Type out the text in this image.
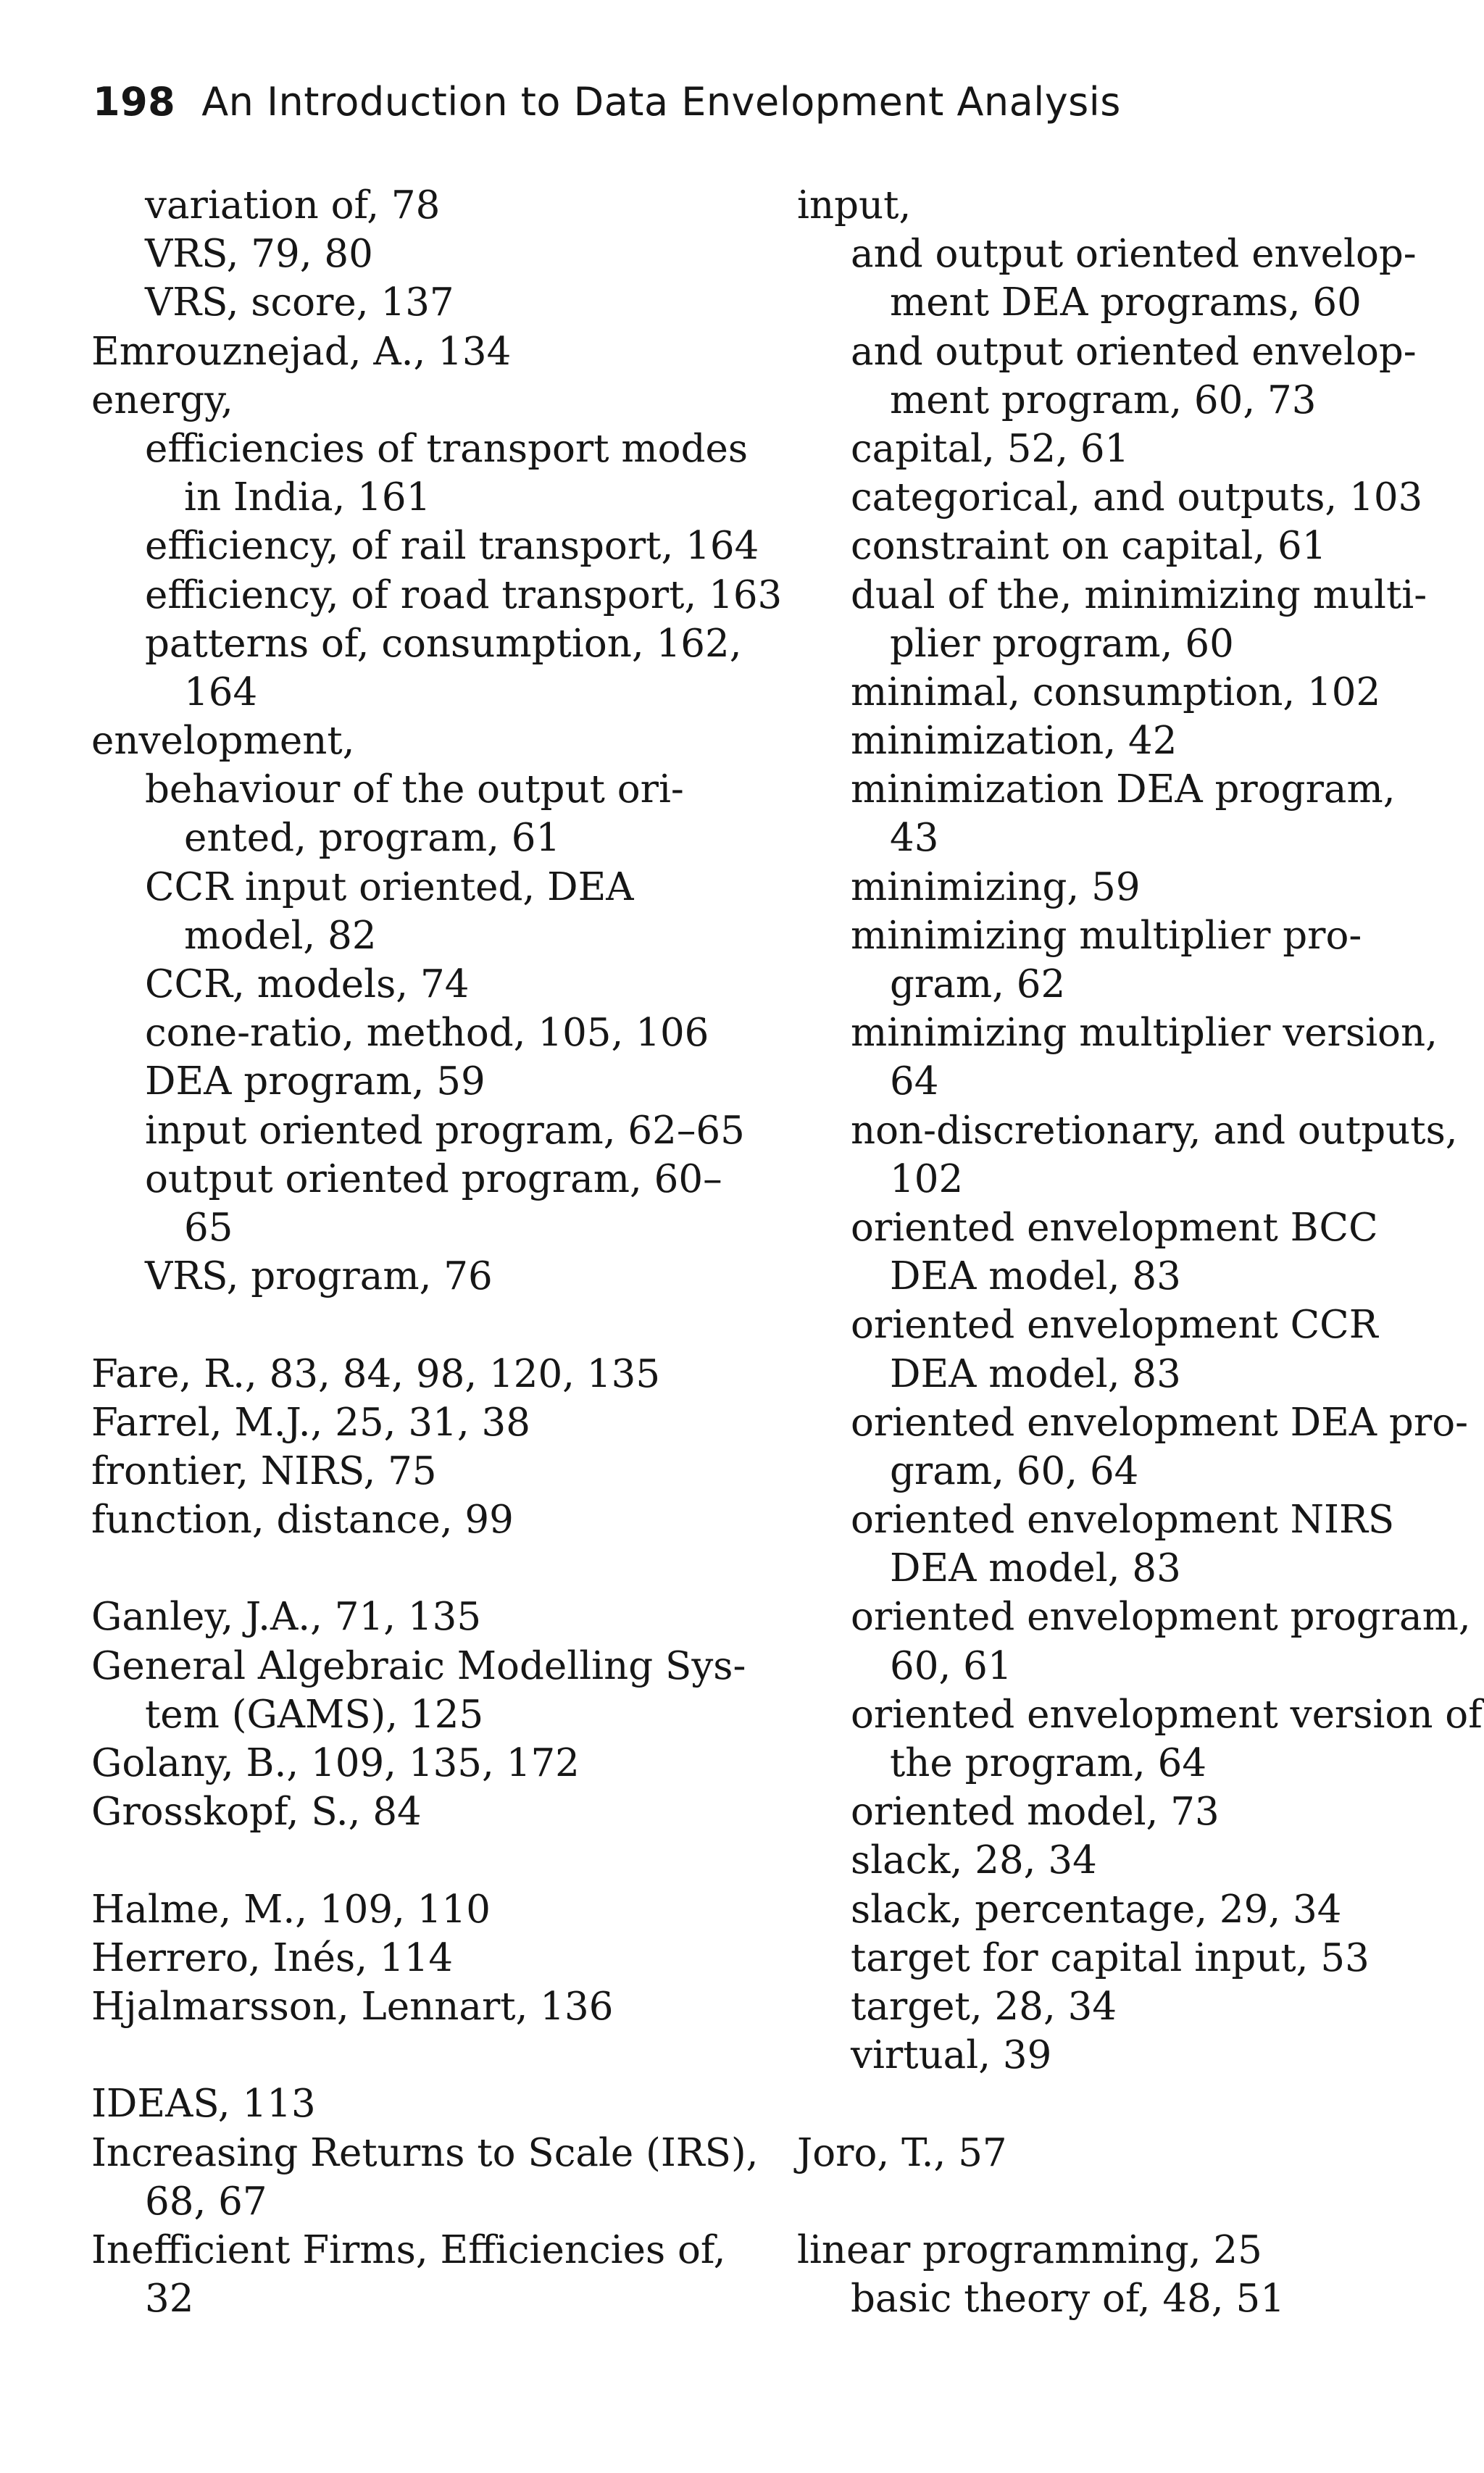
198 An Introduction to Data Envelopment Analysis
variation of, 78
VRS, 79, 80
VRS, score, 137
Emrouznejad, A., 134
energy,
efficiencies of transport modes
in India, 161
efficiency, of rail transport, 164
efficiency, of road transport, 163
patterns of, consumption, 162,
164
envelopment,
behaviour of the output ori-
ented, program, 61
CCR input oriented, DEA
model, 82
CCR, models, 74
cone-ratio, method, 105, 106
DEA program, 59
input oriented program, 62–65
output oriented program, 60–
65
VRS, program, 76
Fare, R., 83, 84, 98, 120, 135
Farrel, M.J., 25, 31, 38
frontier, NIRS, 75
function, distance, 99
Ganley, J.A., 71, 135
General Algebraic Modelling Sys-
tem (GAMS), 125
Golany, B., 109, 135, 172
Grosskopf, S., 84
Halme, M., 109, 110
Herrero, Inés, 114
Hjalmarsson, Lennart, 136
IDEAS, 113
Increasing Returns to Scale (IRS),
68, 67
Inefficient Firms, Efficiencies of,
32
input,
and output oriented envelop-
ment DEA programs, 60
and output oriented envelop-
ment program, 60, 73
capital, 52, 61
categorical, and outputs, 103
constraint on capital, 61
dual of the, minimizing multi-
plier program, 60
minimal, consumption, 102
minimization, 42
minimization DEA program,
43
minimizing, 59
minimizing multiplier pro-
gram, 62
minimizing multiplier version,
64
non-discretionary, and outputs,
102
oriented envelopment BCC
DEA model, 83
oriented envelopment CCR
DEA model, 83
oriented envelopment DEA pro-
gram, 60, 64
oriented envelopment NIRS
DEA model, 83
oriented envelopment program,
60, 61
oriented envelopment version of
the program, 64
oriented model, 73
slack, 28, 34
slack, percentage, 29, 34
target for capital input, 53
target, 28, 34
virtual, 39
Joro, T., 57
linear programming, 25
basic theory of, 48, 51
